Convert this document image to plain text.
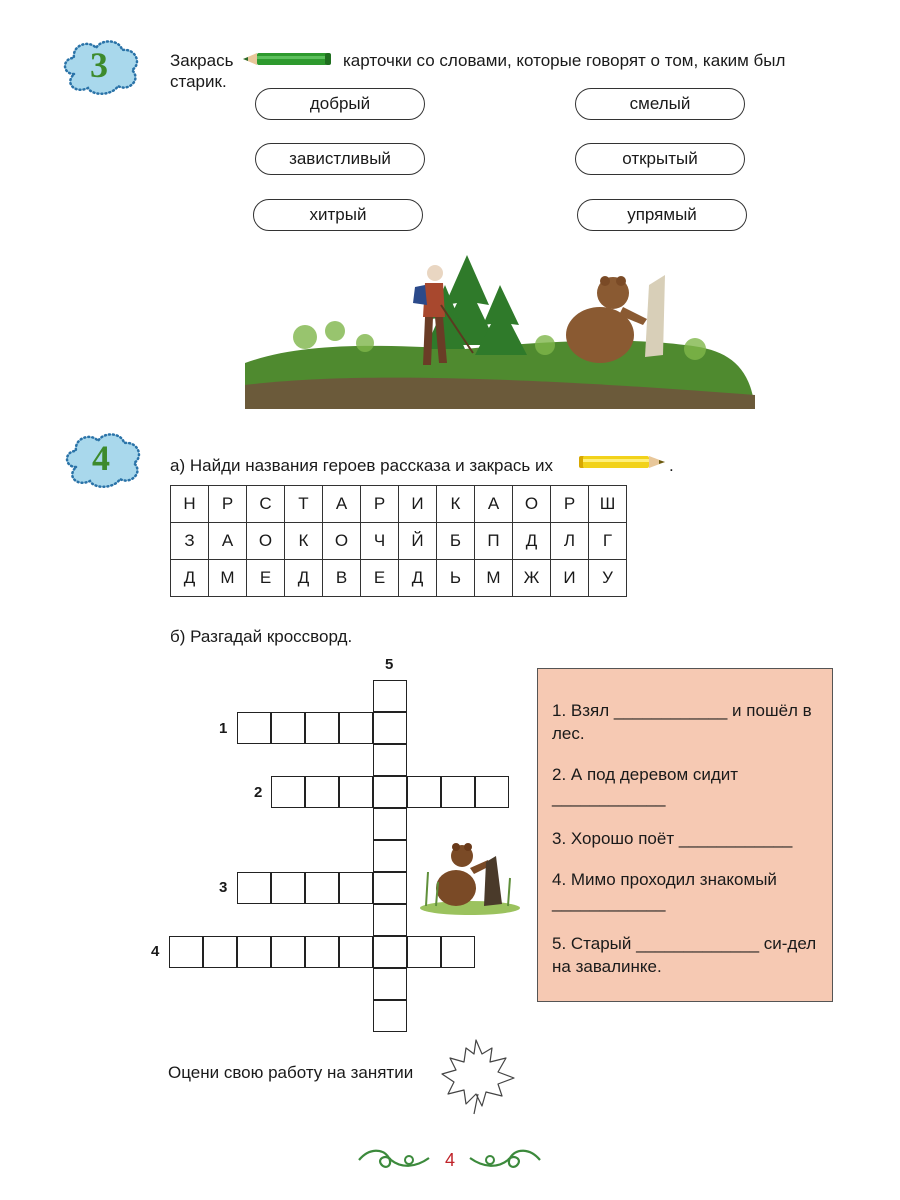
3	Закрась	карточки со словами, которые говорят о том, каким был
старик.
добрый	смелый
завистливый	открытый
хитрый	упрямый
4	а) Найди названия героев рассказа и закрась их	.
Н	Р	С	Т	А	Р	И	К	А	О	Р	Ш
З	А	О	К	О	Ч	Й	Б	П	Д	Л	Г
Д	М	Е	Д	В	Е	Д	Ь	М	Ж	И	У
б) Разгадай кроссворд.
5
1
2
3
4

1. Взял ____________ и пошёл в лес.

2. А под деревом сидит ____________

3. Хорошо поёт ____________

4. Мимо проходил знакомый ____________

5. Старый _____________ си-дел на завалинке.

Оцени свою работу на занятии
4
